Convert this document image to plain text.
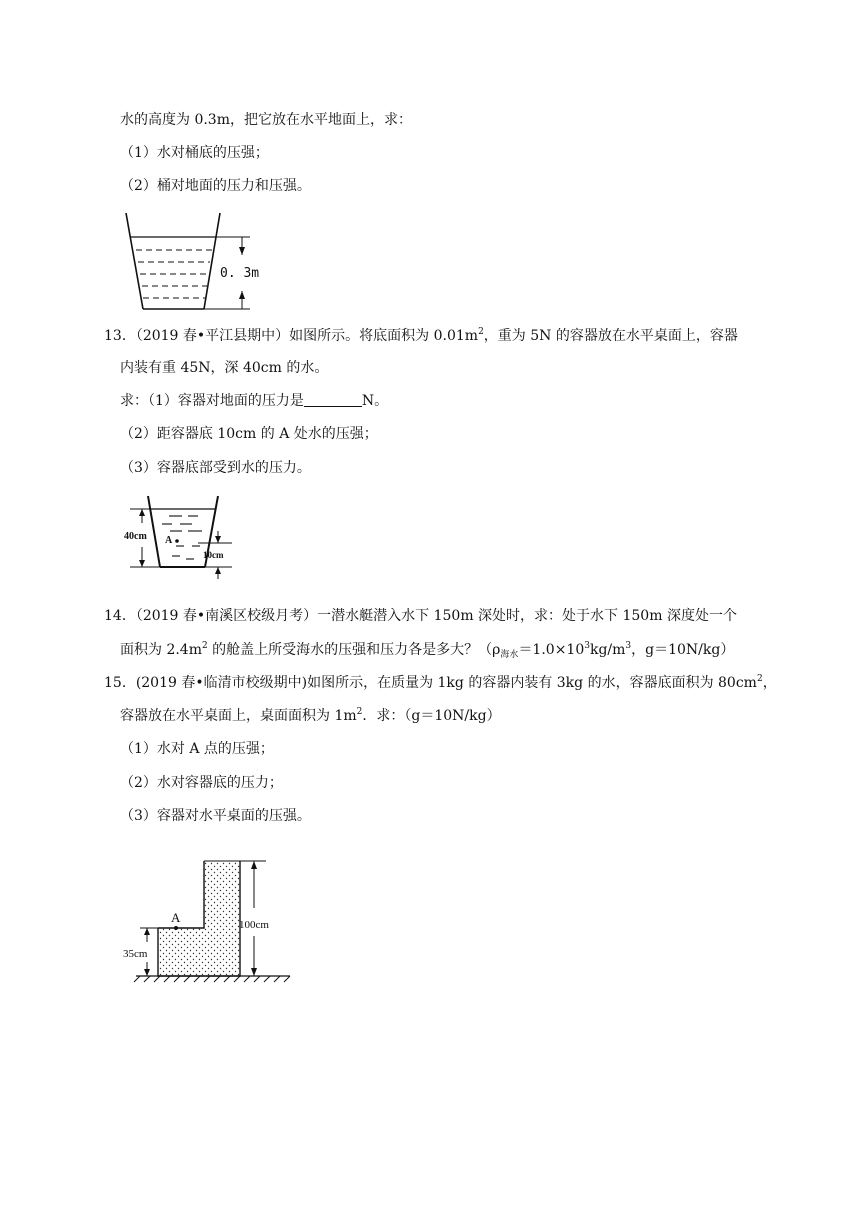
水的高度为 0.3m，把它放在水平地面上，求：
（1）水对桶底的压强；
（2）桶对地面的压力和压强。
0. 3m
13．（2019 春•平江县期中）如图所示。将底面积为 $0.01m^2$，重为 5N 的容器放在水平桌面上，容器
内装有重 45N，深 40cm 的水。
求：（1）容器对地面的压力是	N。
（2）距容器底 10cm 的 A 处水的压强；
（3）容器底部受到水的压力。
40cm
10cm
A
14．（2019 春•南溪区校级月考）一潜水艇潜入水下 150m 深处时，求：处于水下 150m 深度处一个
面积为 $2.4m^2$ 的舱盖上所受海水的压强和压力各是多大？（$\rho_{海水}=1.0\times 10^3kg/m^3$，g＝10N/kg）
15．(2019 春•临清市校级期中)如图所示，在质量为 1kg 的容器内装有 3kg 的水，容器底面积为 $80cm^2$，
容器放在水平桌面上，桌面面积为 $1m^2$．求：（g＝10N/kg）
（1）水对 A 点的压强；
（2）水对容器底的压力；
（3）容器对水平桌面的压强。
100cm
35cm
A
